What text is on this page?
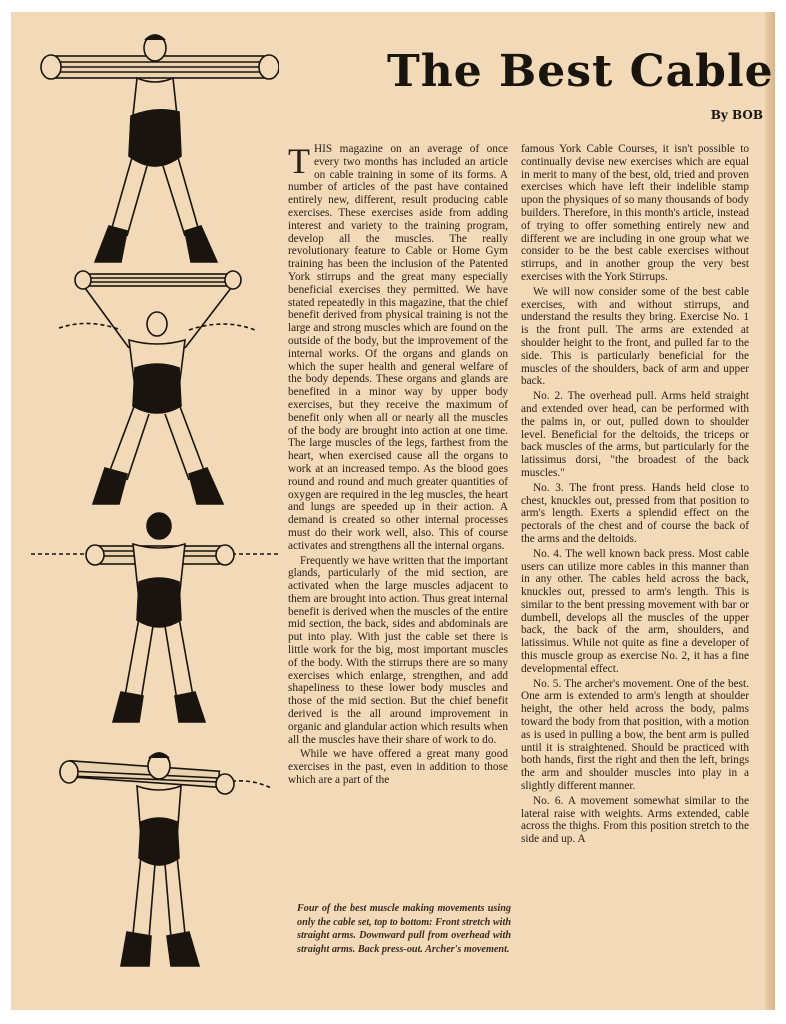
The Best Cable
By BOB

THIS magazine on an average of once every two months has included an article on cable training in some of its forms. A number of articles of the past have contained entirely new, different, result producing cable exercises. These exercises aside from adding interest and variety to the training program, develop all the muscles. The really revolutionary feature to Cable or Home Gym training has been the inclusion of the Patented York stirrups and the great many especially beneficial exercises they permitted. We have stated repeatedly in this magazine, that the chief benefit derived from physical training is not the large and strong muscles which are found on the outside of the body, but the improvement of the internal works. Of the organs and glands on which the super health and general welfare of the body depends. These organs and glands are benefited in a minor way by upper body exercises, but they receive the maximum of benefit only when all or nearly all the muscles of the body are brought into action at one time. The large muscles of the legs, farthest from the heart, when exercised cause all the organs to work at an increased tempo. As the blood goes round and round and much greater quantities of oxygen are required in the leg muscles, the heart and lungs are speeded up in their action. A demand is created so other internal processes must do their work well, also. This of course activates and strengthens all the internal organs.

Frequently we have written that the important glands, particularly of the mid section, are activated when the large muscles adjacent to them are brought into action. Thus great internal benefit is derived when the muscles of the entire mid section, the back, sides and abdominals are put into play. With just the cable set there is little work for the big, most important muscles of the body. With the stirrups there are so many exercises which enlarge, strengthen, and add shapeliness to these lower body muscles and those of the mid section. But the chief benefit derived is the all around improvement in organic and glandular action which results when all the muscles have their share of work to do.

While we have offered a great many good exercises in the past, even in addition to those which are a part of the

Four of the best muscle making movements using only the cable set, top to bottom: Front stretch with straight arms. Downward pull from overhead with straight arms. Back press-out. Archer's movement.

famous York Cable Courses, it isn't possible to continually devise new exercises which are equal in merit to many of the best, old, tried and proven exercises which have left their indelible stamp upon the physiques of so many thousands of body builders. Therefore, in this month's article, instead of trying to offer something entirely new and different we are including in one group what we consider to be the best cable exercises without stirrups, and in another group the very best exercises with the York Stirrups.

We will now consider some of the best cable exercises, with and without stirrups, and understand the results they bring. Exercise No. 1 is the front pull. The arms are extended at shoulder height to the front, and pulled far to the side. This is particularly beneficial for the muscles of the shoulders, back of arm and upper back.

No. 2. The overhead pull. Arms held straight and extended over head, can be performed with the palms in, or out, pulled down to shoulder level. Beneficial for the deltoids, the triceps or back muscles of the arms, but particularly for the latissimus dorsi, "the broadest of the back muscles."

No. 3. The front press. Hands held close to chest, knuckles out, pressed from that position to arm's length. Exerts a splendid effect on the pectorals of the chest and of course the back of the arms and the deltoids.

No. 4. The well known back press. Most cable users can utilize more cables in this manner than in any other. The cables held across the back, knuckles out, pressed to arm's length. This is similar to the bent pressing movement with bar or dumbell, develops all the muscles of the upper back, the back of the arm, shoulders, and latissimus. While not quite as fine a developer of this muscle group as exercise No. 2, it has a fine developmental effect.

No. 5. The archer's movement. One of the best. One arm is extended to arm's length at shoulder height, the other held across the body, palms toward the body from that position, with a motion as is used in pulling a bow, the bent arm is pulled until it is straightened. Should be practiced with both hands, first the right and then the left, brings the arm and shoulder muscles into play in a slightly different manner.

No. 6. A movement somewhat similar to the lateral raise with weights. Arms extended, cable across the thighs. From this position stretch to the side and up. A
